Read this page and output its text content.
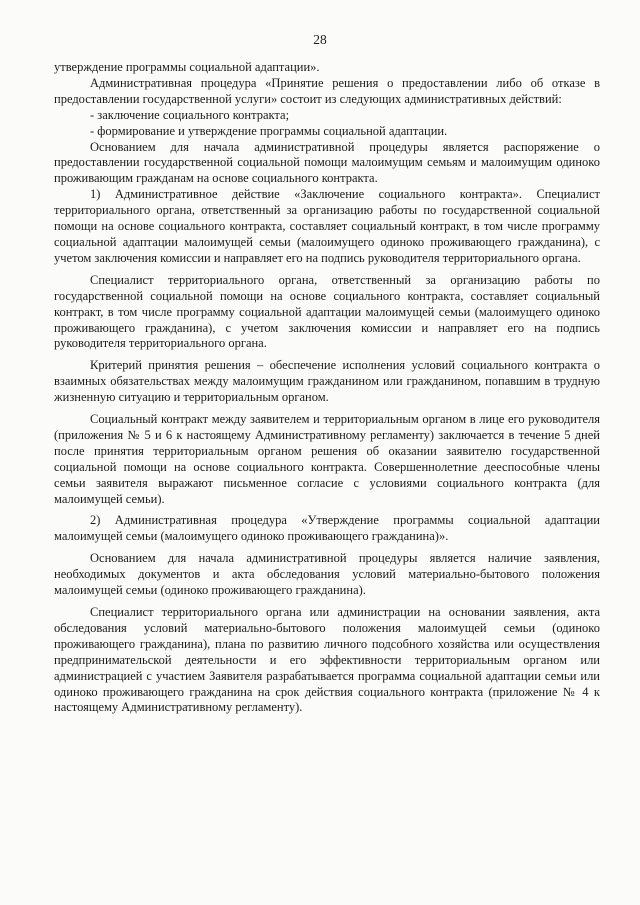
28

утверждение программы социальной адаптации».

Административная процедура «Принятие решения о предоставлении либо об отказе в предоставлении государственной услуги» состоит из следующих административных действий:

- заключение социального контракта;

- формирование и утверждение программы социальной адаптации.

Основанием для начала административной процедуры является распоряжение о предоставлении государственной социальной помощи малоимущим семьям и малоимущим одиноко проживающим гражданам на основе социального контракта.

1) Административное действие «Заключение социального контракта». Специалист территориального органа, ответственный за организацию работы по государственной социальной помощи на основе социального контракта, составляет социальный контракт, в том числе программу социальной адаптации малоимущей семьи (малоимущего одиноко проживающего гражданина), с учетом заключения комиссии и направляет его на подпись руководителя территориального органа.

Специалист территориального органа, ответственный за организацию работы по государственной социальной помощи на основе социального контракта, составляет социальный контракт, в том числе программу социальной адаптации малоимущей семьи (малоимущего одиноко проживающего гражданина), с учетом заключения комиссии и направляет его на подпись руководителя территориального органа.

Критерий принятия решения – обеспечение исполнения условий социального контракта о взаимных обязательствах между малоимущим гражданином или гражданином, попавшим в трудную жизненную ситуацию и территориальным органом.

Социальный контракт между заявителем и территориальным органом в лице его руководителя (приложения № 5 и 6 к настоящему Административному регламенту) заключается в течение 5 дней после принятия территориальным органом решения об оказании заявителю государственной социальной помощи на основе социального контракта. Совершеннолетние дееспособные члены семьи заявителя выражают письменное согласие с условиями социального контракта (для малоимущей семьи).

2) Административная процедура «Утверждение программы социальной адаптации малоимущей семьи (малоимущего одиноко проживающего гражданина)».

Основанием для начала административной процедуры является наличие заявления, необходимых документов и акта обследования условий материально-бытового положения малоимущей семьи (одиноко проживающего гражданина).

Специалист территориального органа или администрации на основании заявления, акта обследования условий материально-бытового положения малоимущей семьи (одиноко проживающего гражданина), плана по развитию личного подсобного хозяйства или осуществления предпринимательской деятельности и его эффективности территориальным органом или администрацией с участием Заявителя разрабатывается программа социальной адаптации семьи или одиноко проживающего гражданина на срок действия социального контракта (приложение № 4 к настоящему Административному регламенту).
